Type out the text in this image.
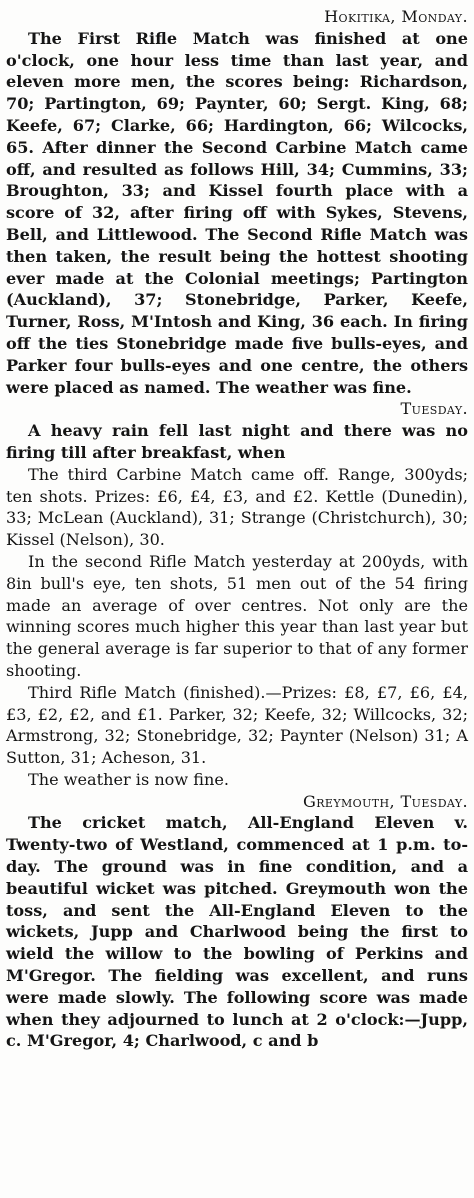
Hokitika, Monday.

The First Rifle Match was finished at one o'clock, one hour less time than last year, and eleven more men, the scores being: Richardson, 70; Partington, 69; Paynter, 60; Sergt. King, 68; Keefe, 67; Clarke, 66; Hardington, 66; Wilcocks, 65. After dinner the Second Carbine Match came off, and resulted as follows Hill, 34; Cummins, 33; Broughton, 33; and Kissel fourth place with a score of 32, after firing off with Sykes, Stevens, Bell, and Littlewood. The Second Rifle Match was then taken, the result being the hottest shooting ever made at the Colonial meetings; Partington (Auckland), 37; Stonebridge, Parker, Keefe, Turner, Ross, M'Intosh and King, 36 each. In firing off the ties Stonebridge made five bulls-eyes, and Parker four bulls-eyes and one centre, the others were placed as named. The weather was fine.

Tuesday.

A heavy rain fell last night and there was no firing till after breakfast, when

The third Carbine Match came off. Range, 300yds; ten shots. Prizes: £6, £4, £3, and £2. Kettle (Dunedin), 33; McLean (Auckland), 31; Strange (Christchurch), 30; Kissel (Nelson), 30.

In the second Rifle Match yesterday at 200yds, with 8in bull's eye, ten shots, 51 men out of the 54 firing made an average of over centres. Not only are the winning scores much higher this year than last year but the general average is far superior to that of any former shooting.

Third Rifle Match (finished).—Prizes: £8, £7, £6, £4, £3, £2, £2, and £1. Parker, 32; Keefe, 32; Willcocks, 32; Armstrong, 32; Stonebridge, 32; Paynter (Nelson) 31; A Sutton, 31; Acheson, 31.

The weather is now fine.

Greymouth, Tuesday.

The cricket match, All-England Eleven v. Twenty-two of Westland, commenced at 1 p.m. to-day. The ground was in fine condition, and a beautiful wicket was pitched. Greymouth won the toss, and sent the All-England Eleven to the wickets, Jupp and Charlwood being the first to wield the willow to the bowling of Perkins and M'Gregor. The fielding was excellent, and runs were made slowly. The following score was made when they adjourned to lunch at 2 o'clock:—Jupp, c. M'Gregor, 4; Charlwood, c and b
